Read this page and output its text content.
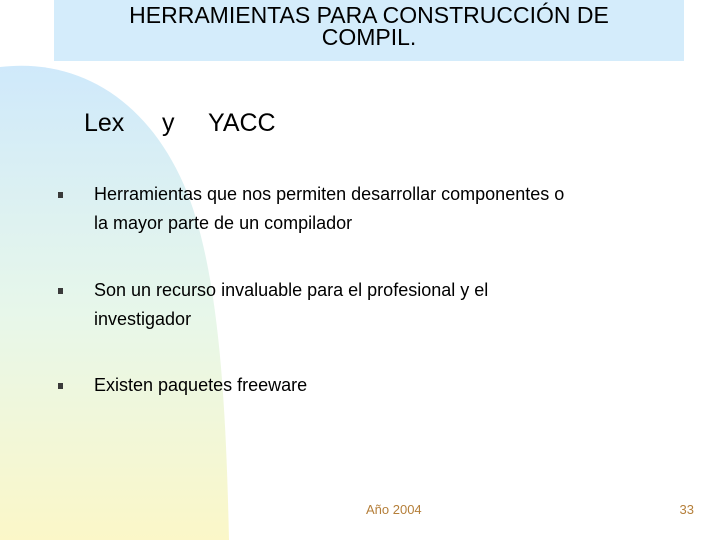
HERRAMIENTAS PARA CONSTRUCCIÓN DE
COMPIL.
Lex y YACC
Herramientas que nos permiten desarrollar componentes o
la mayor parte de un compilador
Son un recurso invaluable para el profesional y el
investigador
Existen paquetes freeware
Año 2004	33
